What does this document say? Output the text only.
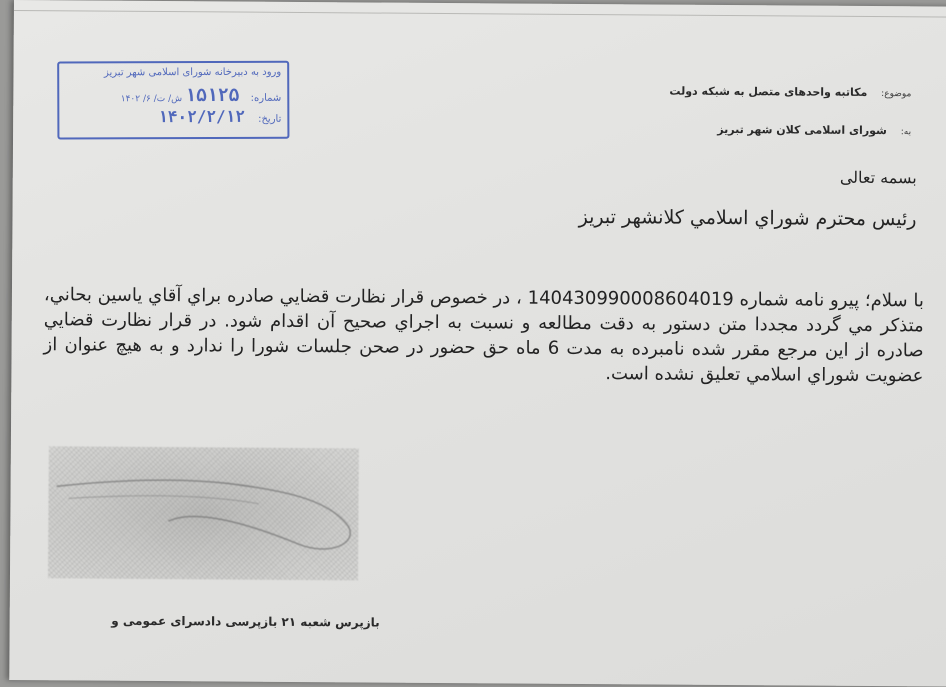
ورود به دبیرخانه شورای اسلامی شهر تبریز
شماره: ۱۵۱۲۵ ش/ ت/ ۶/ ۱۴۰۲
تاریخ: ۱۴۰۲/۲/۱۲
موضوع: مکاتبه واحدهای متصل به شبکه دولت
به: شورای اسلامی کلان شهر تبریز
بسمه تعالی
رئیس محترم شوراي اسلامي کلانشهر تبریز

با سلام؛ پیرو نامه شماره 140430990008604019 ، در خصوص قرار نظارت قضایي صادره براي آقاي یاسین بحاني، متذکر مي گردد مجددا متن دستور به دقت مطالعه و نسبت به اجراي صحیح آن اقدام شود. در قرار نظارت قضایي صادره از این مرجع مقرر شده نامبرده به مدت 6 ماه حق حضور در صحن جلسات شورا را ندارد و به هیچ عنوان از عضویت شوراي اسلامي تعلیق نشده است.

بازپرس شعبه ۲۱ بازپرسی دادسرای عمومی و
